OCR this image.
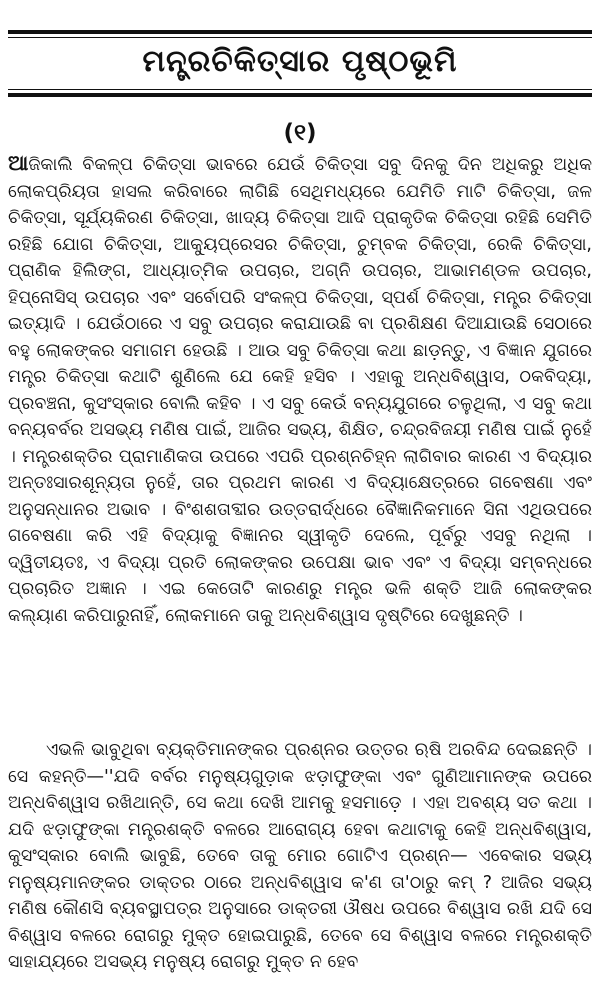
ମନ୍ତ୍ରଚିକିତ୍ସାର ପୃଷ୍ଠଭୂମି
(୧)
ଆଜିକାଲି ବିକଳ୍ପ ଚିକିତ୍ସା ଭାବରେ ଯେଉଁ ଚିକିତ୍ସା ସବୁ ଦିନକୁ ଦିନ ଅଧିକରୁ ଅଧିକ ଲୋକପ୍ରିୟତା ହାସଲ କରିବାରେ ଲାଗିଛି ସେଥିମଧ୍ୟରେ ଯେମିତି ମାଟି ଚିକିତ୍ସା, ଜଳ ଚିକିତ୍ସା, ସୂର୍ଯ୍ୟକିରଣ ଚିକିତ୍ସା, ଖାଦ୍ୟ ଚିକିତ୍ସା ଆଦି ପ୍ରାକୃତିକ ଚିକିତ୍ସା ରହିଛି ସେମିତି ରହିଛି ଯୋଗ ଚିକିତ୍ସା, ଆକ୍ୟୁପ୍ରେସର ଚିକିତ୍ସା, ଚୁମ୍ବକ ଚିକିତ୍ସା, ରେକି ଚିକିତ୍ସା, ପ୍ରାଣିକ ହିଲିଙ୍ଗ, ଆଧ୍ୟାତ୍ମିକ ଉପଚାର, ଅଗ୍ନି ଉପଚାର, ଆଭାମଣ୍ଡଳ ଉପଚାର, ହିପ୍ନୋସିସ୍ ଉପଚାର ଏବଂ ସର୍ବୋପରି ସଂକଳ୍ପ ଚିକିତ୍ସା, ସ୍ପର୍ଶ ଚିକିତ୍ସା, ମନ୍ତ୍ର ଚିକିତ୍ସା ଇତ୍ୟାଦି । ଯେଉଁଠାରେ ଏ ସବୁ ଉପଚାର କରାଯାଉଛି ବା ପ୍ରଶିକ୍ଷଣ ଦିଆଯାଉଛି ସେଠାରେ ବହୁ ଲୋକଙ୍କର ସମାଗମ ହେଉଛି । ଆଉ ସବୁ ଚିକିତ୍ସା କଥା ଛାଡ଼ନ୍ତୁ, ଏ ବିଜ୍ଞାନ ଯୁଗରେ ମନ୍ତ୍ର ଚିକିତ୍ସା କଥାଟି ଶୁଣିଲେ ଯେ କେହି ହସିବ । ଏହାକୁ ଅନ୍ଧବିଶ୍ୱାସ, ଠକବିଦ୍ୟା, ପ୍ରବଞ୍ଚନା, କୁସଂସ୍କାର ବୋଲି କହିବ । ଏ ସବୁ କେଉଁ ବନ୍ୟଯୁଗରେ ଚଳୁଥିଲା, ଏ ସବୁ କଥା ବନ୍ୟବର୍ବର ଅସଭ୍ୟ ମଣିଷ ପାଇଁ, ଆଜିର ସଭ୍ୟ, ଶିକ୍ଷିତ, ଚନ୍ଦ୍ରବିଜୟୀ ମଣିଷ ପାଇଁ ନୁହେଁ । ମନ୍ତ୍ରଶକ୍ତିର ପ୍ରାମାଣିକତା ଉପରେ ଏପରି ପ୍ରଶ୍ନଚିହ୍ନ ଲାଗିବାର କାରଣ ଏ ବିଦ୍ୟାର ଅନ୍ତଃସାରଶୂନ୍ୟତା ନୁହେଁ, ତାର ପ୍ରଥମ କାରଣ ଏ ବିଦ୍ୟାକ୍ଷେତ୍ରରେ ଗବେଷଣା ଏବଂ ଅନୁସନ୍ଧାନର ଅଭାବ । ବିଂଶଶତାବ୍ଦୀର ଉତ୍ତରାର୍ଦ୍ଧରେ ବୈଜ୍ଞାନିକମାନେ ସିନା ଏଥିଉପରେ ଗବେଷଣା କରି ଏହି ବିଦ୍ୟାକୁ ବିଜ୍ଞାନର ସ୍ୱୀକୃତି ଦେଲେ, ପୂର୍ବରୁ ଏସବୁ ନଥିଲା । ଦ୍ୱିତୀୟତଃ, ଏ ବିଦ୍ୟା ପ୍ରତି ଲୋକଙ୍କର ଉପେକ୍ଷା ଭାବ ଏବଂ ଏ ବିଦ୍ୟା ସମ୍ବନ୍ଧରେ ପ୍ରଚାରିତ ଅଜ୍ଞାନ । ଏଇ କେତୋଟି କାରଣରୁ ମନ୍ତ୍ର ଭଳି ଶକ୍ତି ଆଜି ଲୋକଙ୍କର କଲ୍ୟାଣ କରିପାରୁନାହିଁ, ଲୋକମାନେ ତାକୁ ଅନ୍ଧବିଶ୍ୱାସ ଦୃଷ୍ଟିରେ ଦେଖୁଛନ୍ତି ।
ଏଭଳି ଭାବୁଥିବା ବ୍ୟକ୍ତିମାନଙ୍କର ପ୍ରଶ୍ନର ଉତ୍ତର ଋଷି ଅରବିନ୍ଦ ଦେଇଛନ୍ତି । ସେ କହନ୍ତି—''ଯଦି ବର୍ବର ମନୁଷ୍ୟଗୁଡ଼ାକ ଝଡ଼ାଫୁଙ୍କା ଏବଂ ଗୁଣିଆମାନଙ୍କ ଉପରେ ଅନ୍ଧବିଶ୍ୱାସ ରଖିଥାନ୍ତି, ସେ କଥା ଦେଖି ଆମକୁ ହସମାଡ଼େ । ଏହା ଅବଶ୍ୟ ସତ କଥା । ଯଦି ଝଡ଼ାଫୁଙ୍କା ମନ୍ତ୍ରଶକ୍ତି ବଳରେ ଆରୋଗ୍ୟ ହେବା କଥାଟାକୁ କେହି ଅନ୍ଧବିଶ୍ୱାସ, କୁସଂସ୍କାର ବୋଲି ଭାବୁଛି, ତେବେ ତାକୁ ମୋର ଗୋଟିଏ ପ୍ରଶ୍ନ— ଏବେକାର ସଭ୍ୟ ମନୁଷ୍ୟମାନଙ୍କର ଡାକ୍ତର ଠାରେ ଅନ୍ଧବିଶ୍ୱାସ କ'ଣ ତା'ଠାରୁ କମ୍ ? ଆଜିର ସଭ୍ୟ ମଣିଷ କୌଣସି ବ୍ୟବସ୍ଥାପତ୍ର ଅନୁସାରେ ଡାକ୍ତରୀ ଔଷଧ ଉପରେ ବିଶ୍ୱାସ ରଖି ଯଦି ସେ ବିଶ୍ୱାସ ବଳରେ ରୋଗରୁ ମୁକ୍ତ ହୋଇପାରୁଛି, ତେବେ ସେ ବିଶ୍ୱାସ ବଳରେ ମନ୍ତ୍ରଶକ୍ତି ସାହାଯ୍ୟରେ ଅସଭ୍ୟ ମନୁଷ୍ୟ ରୋଗରୁ ମୁକ୍ତ ନ ହେବ
